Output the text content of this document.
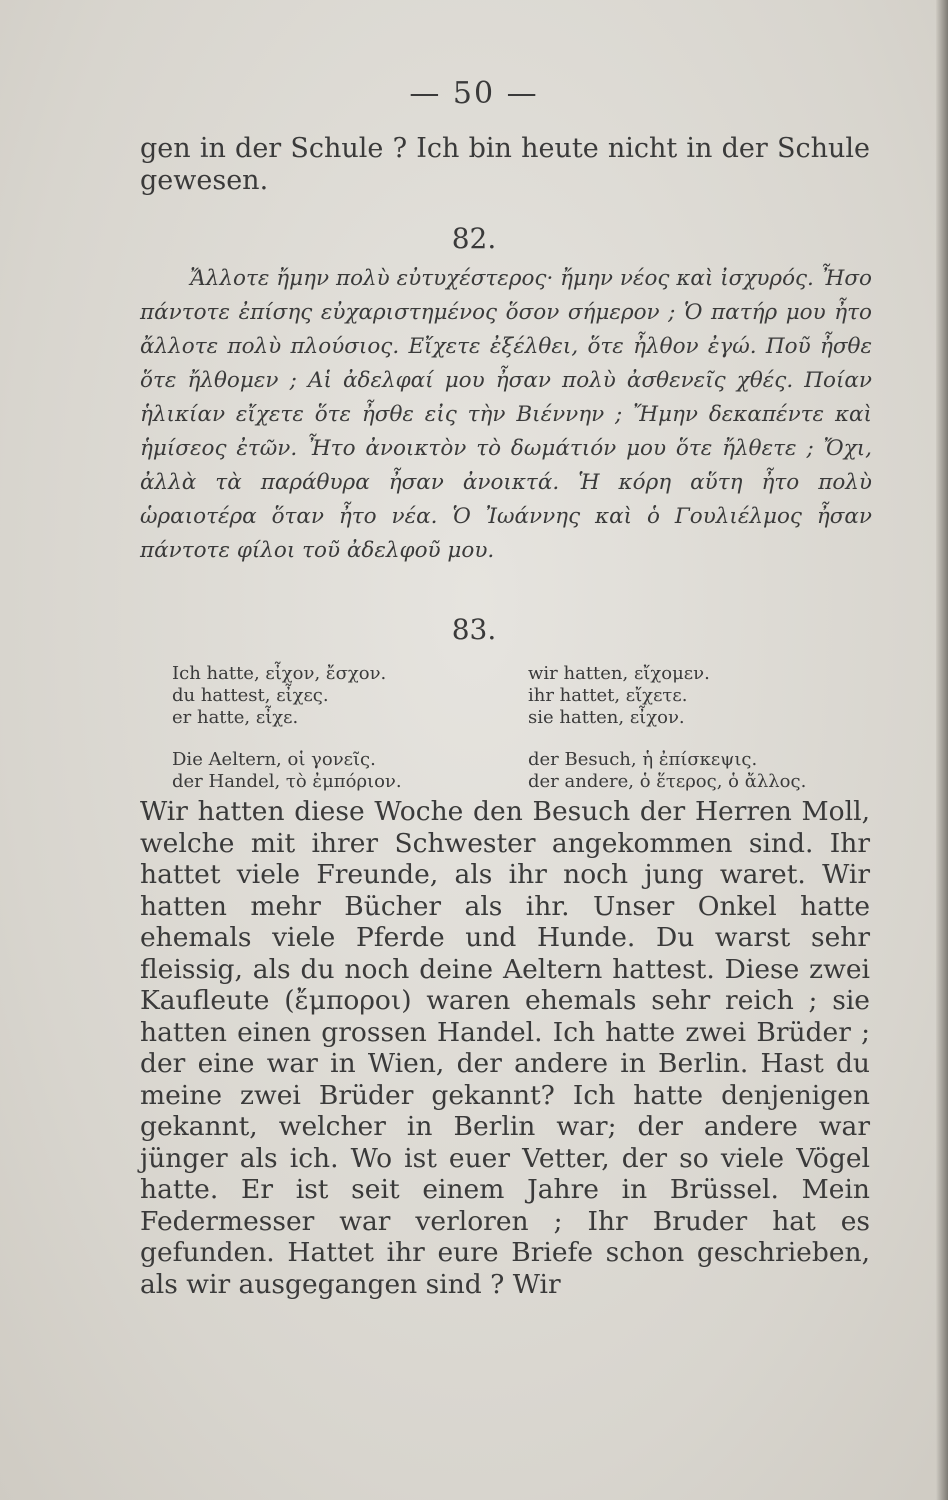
— 50 —
gen in der Schule ? Ich bin heute nicht in der Schule gewesen.
82.

Ἄλλοτε ἤμην πολὺ εὐτυχέστερος· ἤμην νέος καὶ ἰσχυρός. Ἦσο πάντοτε ἐπίσης εὐχαριστημένος ὅσον σήμερον ; Ὁ πατήρ μου ἦτο ἄλλοτε πολὺ πλούσιος. Εἴχετε ἐξέλθει, ὅτε ἦλθον ἐγώ. Ποῦ ἦσθε ὅτε ἤλθομεν ; Αἱ ἀδελφαί μου ἦσαν πολὺ ἀσθενεῖς χθές. Ποίαν ἡλικίαν εἴχετε ὅτε ἦσθε εἰς τὴν Βιέννην ; Ἤμην δεκαπέντε καὶ ἡμίσεος ἐτῶν. Ἦτο ἀνοικτὸν τὸ δωμάτιόν μου ὅτε ἤλθετε ; Ὄχι, ἀλλὰ τὰ παράθυρα ἦσαν ἀνοικτά. Ἡ κόρη αὕτη ἦτο πολὺ ὡραιοτέρα ὅταν ἦτο νέα. Ὁ Ἰωάννης καὶ ὁ Γουλιέλμος ἦσαν πάντοτε φίλοι τοῦ ἀδελφοῦ μου.

83.
Ich hatte, εἶχον, ἔσχον.
du hattest, εἶχες.
er hatte, εἶχε.
Die Aeltern, οἱ γονεῖς.
der Handel, τὸ ἐμπόριον.
wir hatten, εἴχομεν.
ihr hattet, εἴχετε.
sie hatten, εἶχον.
der Besuch, ἡ ἐπίσκεψις.
der andere, ὁ ἕτερος, ὁ ἄλλος.

Wir hatten diese Woche den Besuch der Herren Moll, welche mit ihrer Schwester angekommen sind. Ihr hattet viele Freunde, als ihr noch jung waret. Wir hatten mehr Bücher als ihr. Unser Onkel hatte ehemals viele Pferde und Hunde. Du warst sehr fleissig, als du noch deine Aeltern hattest. Diese zwei Kaufleute (ἔμποροι) waren ehemals sehr reich ; sie hatten einen grossen Handel. Ich hatte zwei Brüder ; der eine war in Wien, der andere in Berlin. Hast du meine zwei Brüder gekannt? Ich hatte denjenigen gekannt, welcher in Berlin war; der andere war jünger als ich. Wo ist euer Vetter, der so viele Vögel hatte. Er ist seit einem Jahre in Brüssel. Mein Federmesser war verloren ; Ihr Bruder hat es gefunden. Hattet ihr eure Briefe schon geschrieben, als wir ausgegangen sind ? Wir
